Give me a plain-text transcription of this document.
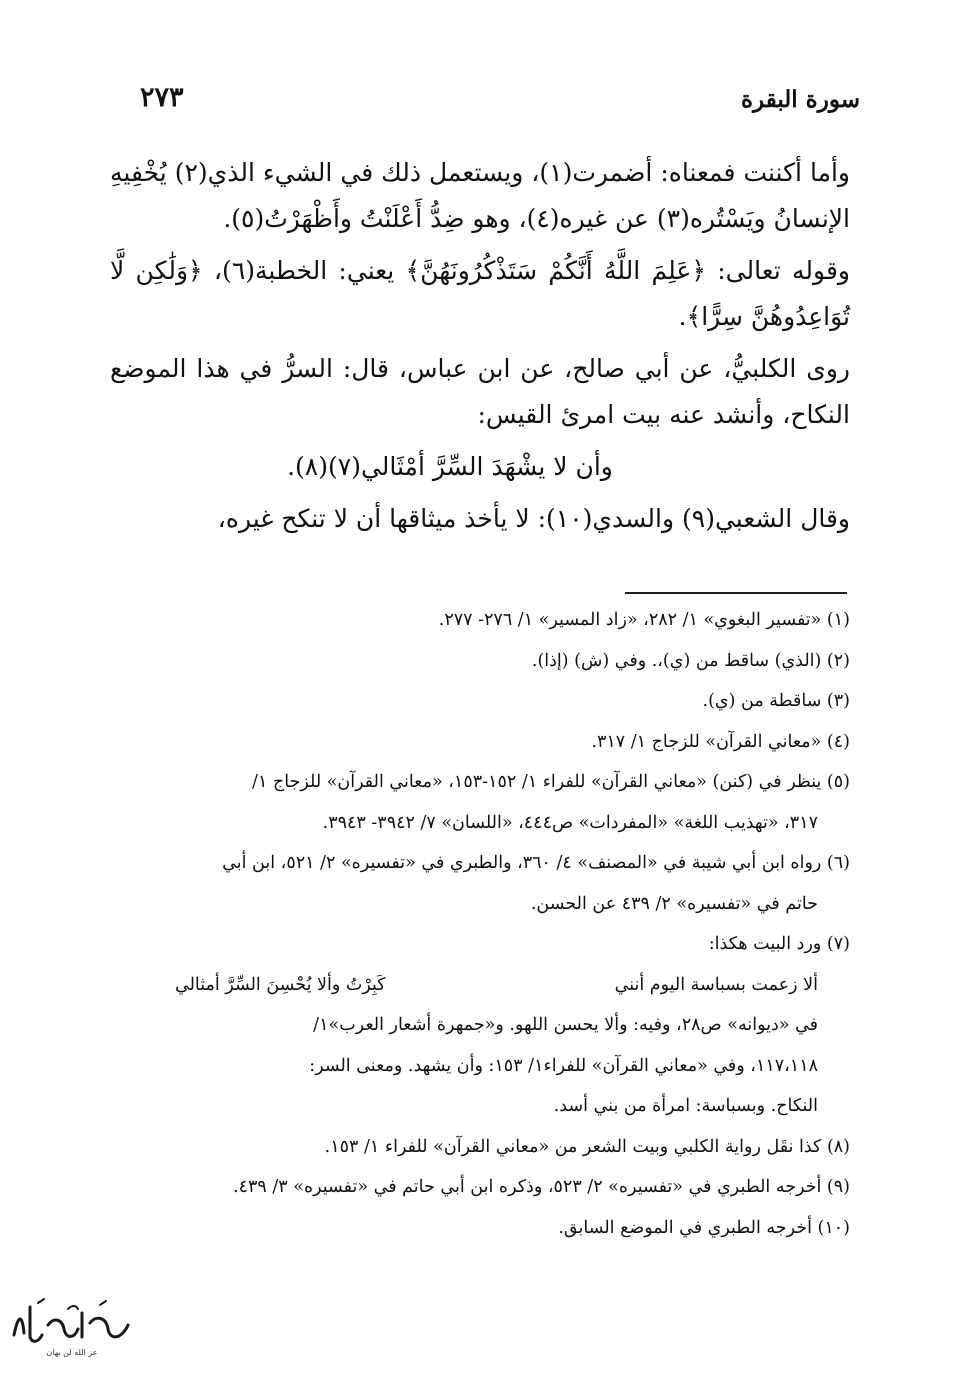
سورة البقرة
٢٧٣

وأما أكننت فمعناه: أضمرت(١)، ويستعمل ذلك في الشيء الذي(٢) يُخْفِيهِ الإنسانُ ويَسْتُره(٣) عن غيره(٤)، وهو ضِدُّ أَعْلَنْتُ وأَظْهَرْتُ(٥).

وقوله تعالى: ﴿عَلِمَ اللَّهُ أَنَّكُمْ سَتَذْكُرُونَهُنَّ﴾ يعني: الخطبة(٦)، ﴿وَلَٰكِن لَّا تُوَاعِدُوهُنَّ سِرًّا﴾.

روى الكلبيُّ، عن أبي صالح، عن ابن عباس، قال: السرُّ في هذا الموضع النكاح، وأنشد عنه بيت امرئ القيس:

وأن لا يشْهَدَ السِّرَّ أمْثَالي(٧)(٨).

وقال الشعبي(٩) والسدي(١٠): لا يأخذ ميثاقها أن لا تنكح غيره،

(١) «تفسير البغوي» ١/ ٢٨٢، «زاد المسير» ١/ ٢٧٦- ٢٧٧.

(٢) (الذي) ساقط من (ي)،. وفي (ش) (إذا).

(٣) ساقطة من (ي).

(٤) «معاني القرآن» للزجاج ١/ ٣١٧.

(٥) ينظر في (كنن) «معاني القرآن» للفراء ١/ ١٥٢-١٥٣، «معاني القرآن» للزجاج ١/

٣١٧، «تهذيب اللغة» «المفردات» ص٤٤٤، «اللسان» ٧/ ٣٩٤٢- ٣٩٤٣.

(٦) رواه ابن أبي شيبة في «المصنف» ٤/ ٣٦٠، والطبري في «تفسيره» ٢/ ٥٢١، ابن أبي

حاتم في «تفسيره» ٢/ ٤٣٩ عن الحسن.

(٧) ورد البيت هكذا:

ألا زعمت بسباسة اليوم أنني
كَبِرْتُ وألا يُحْسِنَ السِّرَّ أمثالي

في «ديوانه» ص٢٨، وفيه: وألا يحسن اللهو. و«جمهرة أشعار العرب»١/

١١٧،١١٨، وفي «معاني القرآن» للفراء١/ ١٥٣: وأن يشهد. ومعنى السر:

النكاح. وبسباسة: امرأة من بني أسد.

(٨) كذا نقَل رواية الكلبي وبيت الشعر من «معاني القرآن» للفراء ١/ ١٥٣.

(٩) أخرجه الطبري في «تفسيره» ٢/ ٥٢٣، وذكره ابن أبي حاتم في «تفسيره» ٣/ ٤٣٩.

(١٠) أخرجه الطبري في الموضع السابق.

عز الله لن يهان
